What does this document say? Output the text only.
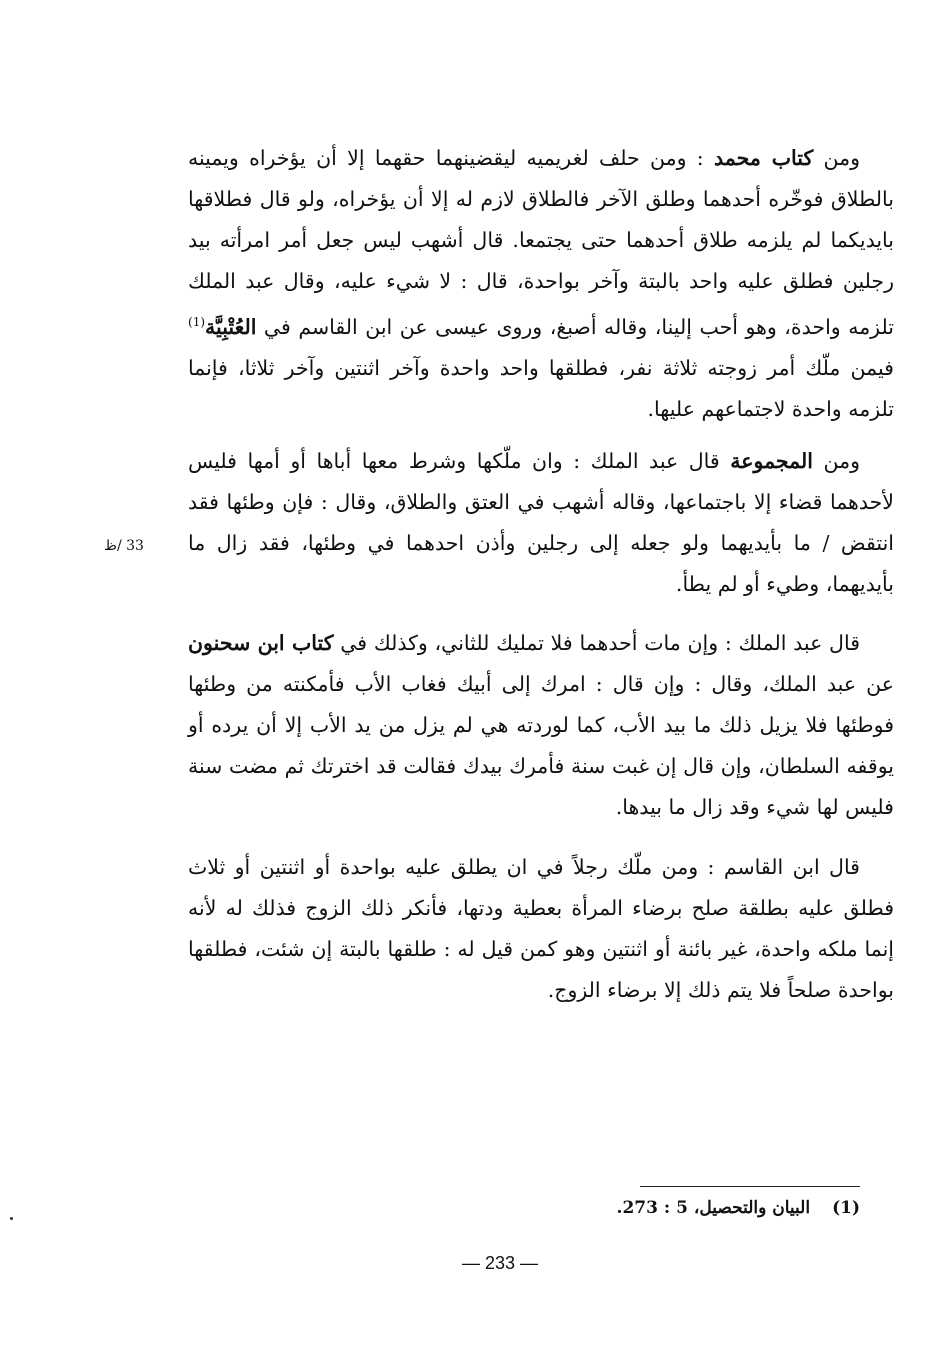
ومن كتاب محمد : ومن حلف لغريميه ليقضينهما حقهما إلا أن يؤخراه ويمينه بالطلاق فوخّره أحدهما وطلق الآخر فالطلاق لازم له إلا أن يؤخراه، ولو قال فطلاقها بايديكما لم يلزمه طلاق أحدهما حتى يجتمعا. قال أشهب ليس جعل أمر امرأته بيد رجلين فطلق عليه واحد بالبتة وآخر بواحدة، قال : لا شيء عليه، وقال عبد الملك تلزمه واحدة، وهو أحب إلينا، وقاله أصبغ، وروى عيسى عن ابن القاسم في العُتْبِيَّة$^{(1)}$ فيمن ملّك أمر زوجته ثلاثة نفر، فطلقها واحد واحدة وآخر اثنتين وآخر ثلاثا، فإنما تلزمه واحدة لاجتماعهم عليها.

ومن المجموعة قال عبد الملك : وان ملّكها وشرط معها أباها أو أمها فليس لأحدهما قضاء إلا باجتماعها، وقاله أشهب في العتق والطلاق، وقال : فإن وطئها فقد انتقض / ما بأيديهما ولو جعله إلى رجلين وأذن احدهما في وطئها، فقد زال ما بأيديهما، وطيء أو لم يطأ.

قال عبد الملك : وإن مات أحدهما فلا تمليك للثاني، وكذلك في كتاب ابن سحنون عن عبد الملك، وقال : وإن قال : امرك إلى أبيك فغاب الأب فأمكنته من وطئها فوطئها فلا يزيل ذلك ما بيد الأب، كما لوردته هي لم يزل من يد الأب إلا أن يرده أو يوقفه السلطان، وإن قال إن غبت سنة فأمرك بيدك فقالت قد اخترتك ثم مضت سنة فليس لها شيء وقد زال ما بيدها.

قال ابن القاسم : ومن ملّك رجلاً في ان يطلق عليه بواحدة أو اثنتين أو ثلاث فطلق عليه بطلقة صلح برضاء المرأة بعطية ودتها، فأنكر ذلك الزوج فذلك له لأنه إنما ملكه واحدة، غير بائنة أو اثنتين وهو كمن قيل له : طلقها بالبتة إن شئت، فطلقها بواحدة صلحاً فلا يتم ذلك إلا برضاء الزوج.

33 /ظ
(1)البيان والتحصيل، 5 : 273.
— 233 —
